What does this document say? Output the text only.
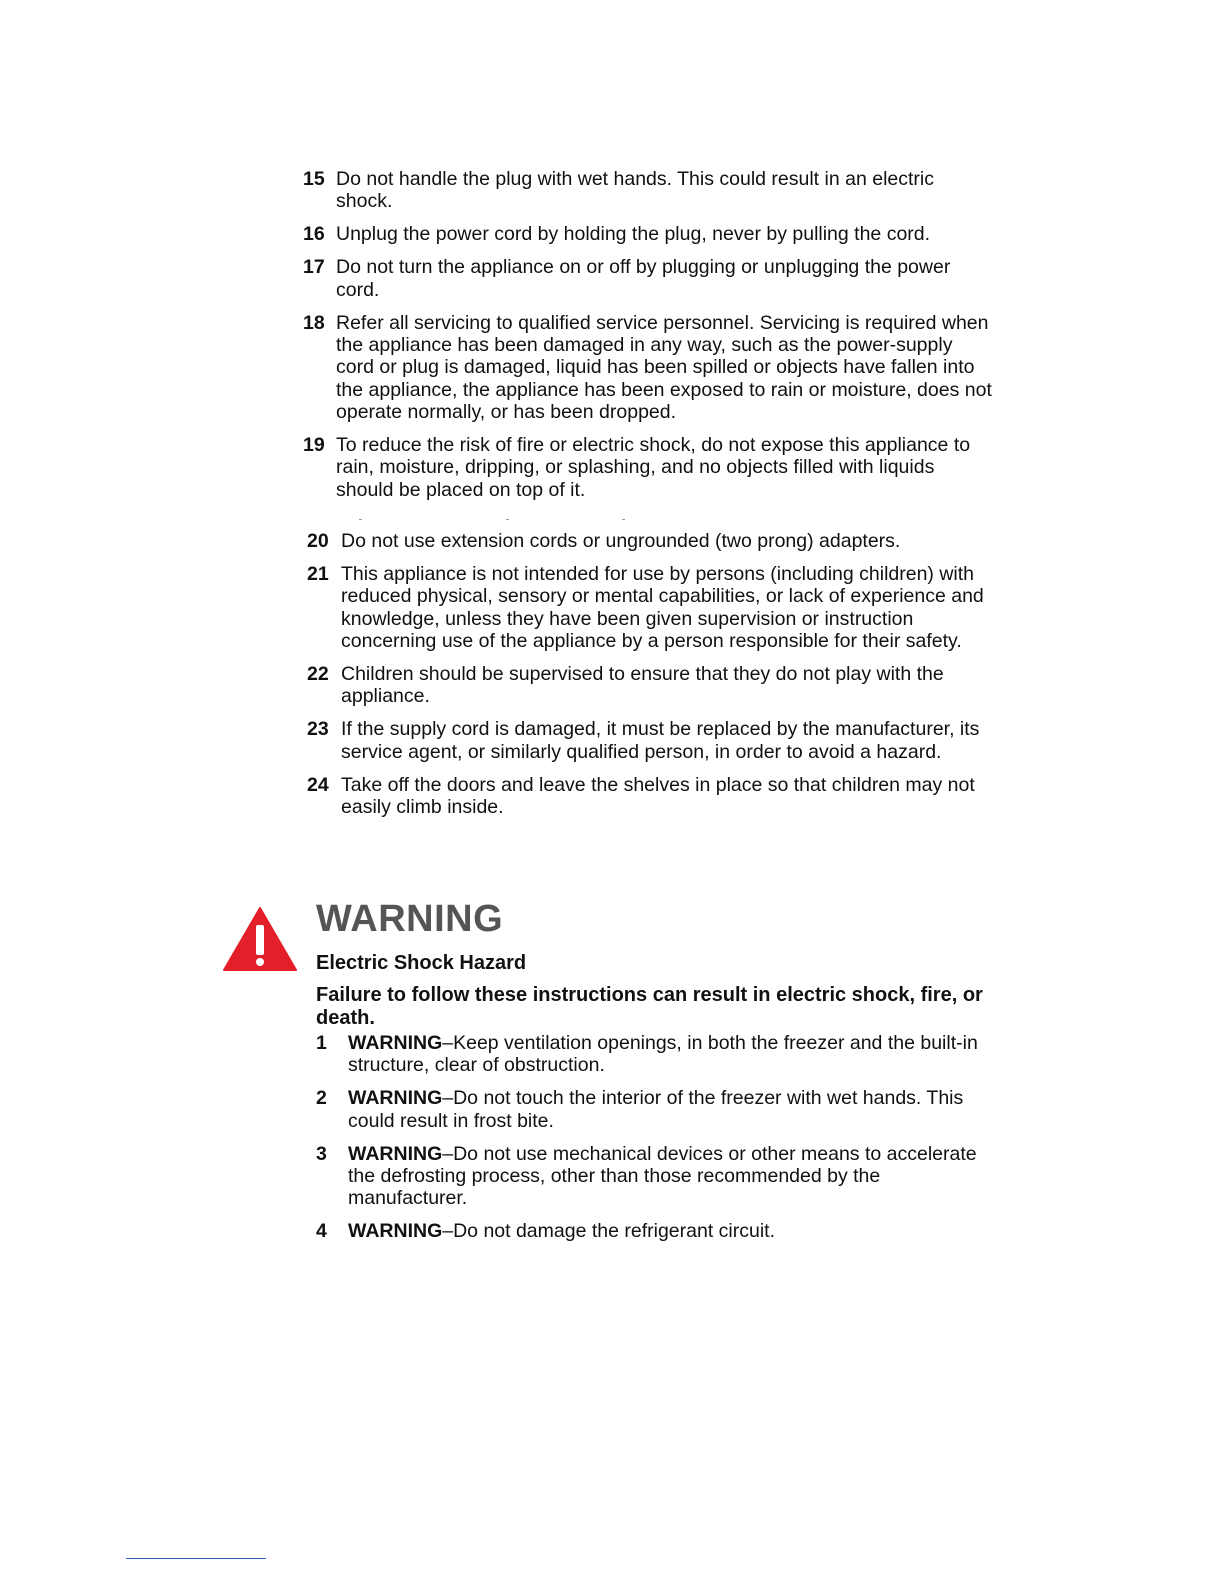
15 Do not handle the plug with wet hands. This could result in an electric shock.
16 Unplug the power cord by holding the plug, never by pulling the cord.
17 Do not turn the appliance on or off by plugging or unplugging the power cord.
18 Refer all servicing to qualified service personnel. Servicing is required when the appliance has been damaged in any way, such as the power-supply cord or plug is damaged, liquid has been spilled or objects have fallen into the appliance, the appliance has been exposed to rain or moisture, does not operate normally, or has been dropped.
19 To reduce the risk of fire or electric shock, do not expose this appliance to rain, moisture, dripping, or splashing, and no objects filled with liquids should be placed on top of it.
20 Do not use extension cords or ungrounded (two prong) adapters.
21 This appliance is not intended for use by persons (including children) with reduced physical, sensory or mental capabilities, or lack of experience and knowledge, unless they have been given supervision or instruction concerning use of the appliance by a person responsible for their safety.
22 Children should be supervised to ensure that they do not play with the appliance.
23 If the supply cord is damaged, it must be replaced by the manufacturer, its service agent, or similarly qualified person, in order to avoid a hazard.
24 Take off the doors and leave the shelves in place so that children may not easily climb inside.
WARNING
Electric Shock Hazard
Failure to follow these instructions can result in electric shock, fire, or death.
1	WARNING–Keep ventilation openings, in both the freezer and the built-in structure, clear of obstruction.
2	WARNING–Do not touch the interior of the freezer with wet hands. This could result in frost bite.
3	WARNING–Do not use mechanical devices or other means to accelerate the defrosting process, other than those recommended by the manufacturer.
4	WARNING–Do not damage the refrigerant circuit.
